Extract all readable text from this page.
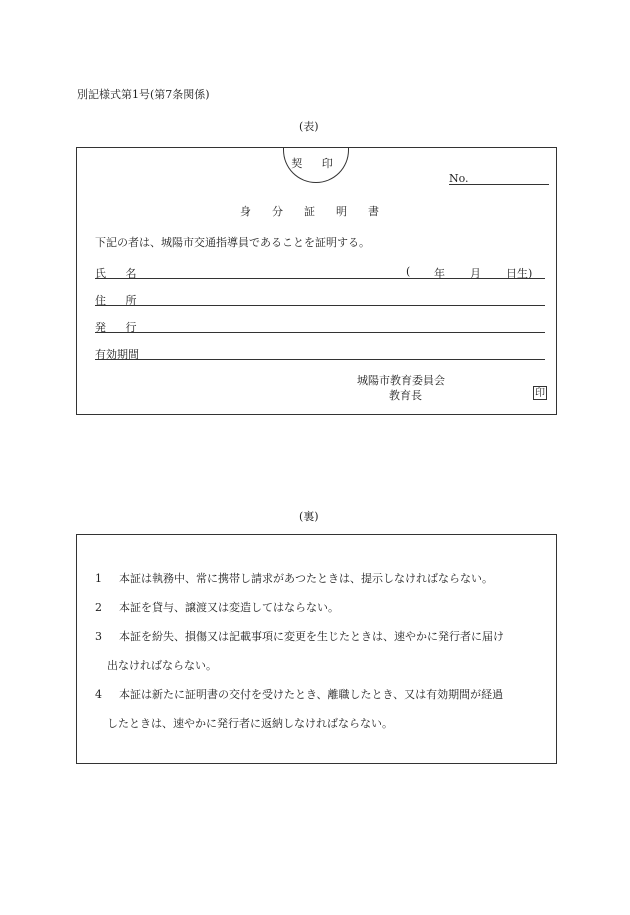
別記様式第1号(第7条関係)
(表)
契 印
No.
身分証明書
下記の者は、城陽市交通指導員であることを証明する。
氏 名	( 年 月 日生)
住 所
発 行
有効期間
城陽市教育委員会
教育長	印
(裏)
1 本証は執務中、常に携帯し請求があつたときは、提示しなければならない。
2 本証を貸与、譲渡又は変造してはならない。
3 本証を紛失、損傷又は記載事項に変更を生じたときは、速やかに発行者に届け
出なければならない。
4 本証は新たに証明書の交付を受けたとき、離職したとき、又は有効期間が経過
したときは、速やかに発行者に返納しなければならない。
